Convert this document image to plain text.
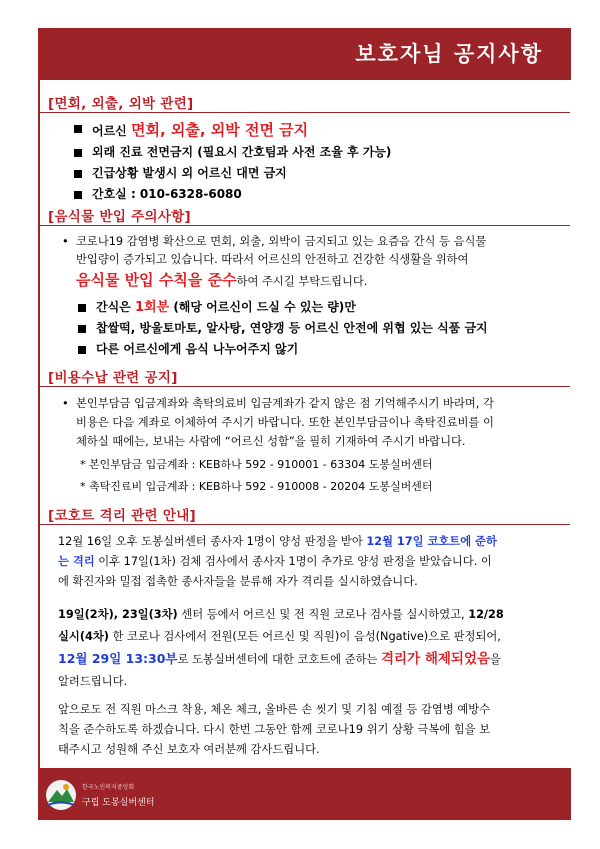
보호자님 공지사항
[면회, 외출, 외박 관련]
어르신 면회, 외출, 외박 전면 금지
외래 진료 전면금지 (필요시 간호팀과 사전 조율 후 가능)
긴급상황 발생시 외 어르신 대면 금지
간호실 : 010-6328-6080
[음식물 반입 주의사항]
• 코로나19 감염병 확산으로 면회, 외출, 외박이 금지되고 있는 요즘음 간식 등 음식물
반입량이 증가되고 있습니다. 따라서 어르신의 안전하고 건강한 식생활을 위하여
음식물 반입 수칙을 준수하여 주시길 부탁드립니다.
간식은 1회분 (해당 어르신이 드실 수 있는 량)만
찹쌀떡, 방울토마토, 알사탕, 연양갱 등 어르신 안전에 위협 있는 식품 금지
다른 어르신에게 음식 나누어주지 않기
[비용수납 관련 공지]
• 본인부담금 입금계좌와 촉탁의료비 입금계좌가 같지 않은 점 기억해주시기 바라며, 각
비용은 다음 계좌로 이체하여 주시기 바랍니다. 또한 본인부담금이나 촉탁진료비를 이
체하실 때에는, 보내는 사람에 “어르신 성함”을 필히 기재하여 주시기 바랍니다.
* 본인부담금 입금계좌 : KEB하나 592 - 910001 - 63304 도봉실버센터
* 촉탁진료비 입금계좌 : KEB하나 592 - 910008 - 20204 도봉실버센터
[코호트 격리 관련 안내]
12월 16일 오후 도봉실버센터 종사자 1명이 양성 판정을 받아 12월 17일 코호트에 준하
는 격리 이후 17일(1차) 검체 검사에서 종사자 1명이 추가로 양성 판정을 받았습니다. 이
에 확진자와 밀접 접촉한 종사자들을 분류해 자가 격리를 실시하였습니다.
19일(2차), 23일(3차) 센터 등에서 어르신 및 전 직원 코로나 검사를 실시하였고, 12/28
실시(4차) 한 코로나 검사에서 전원(모든 어르신 및 직원)이 음성(Ngative)으로 판정되어,
12월 29일 13:30부로 도봉실버센터에 대한 코호트에 준하는 격리가 해제되었음을
알려드립니다.
앞으로도 전 직원 마스크 착용, 체온 체크, 올바른 손 씻기 및 기침 예절 등 감염병 예방수
칙을 준수하도록 하겠습니다. 다시 한번 그동안 함께 코로나19 위기 상황 극복에 힘을 보
태주시고 성원해 주신 보호자 여러분께 감사드립니다.
한국노인복지중앙회
구립 도봉실버센터
